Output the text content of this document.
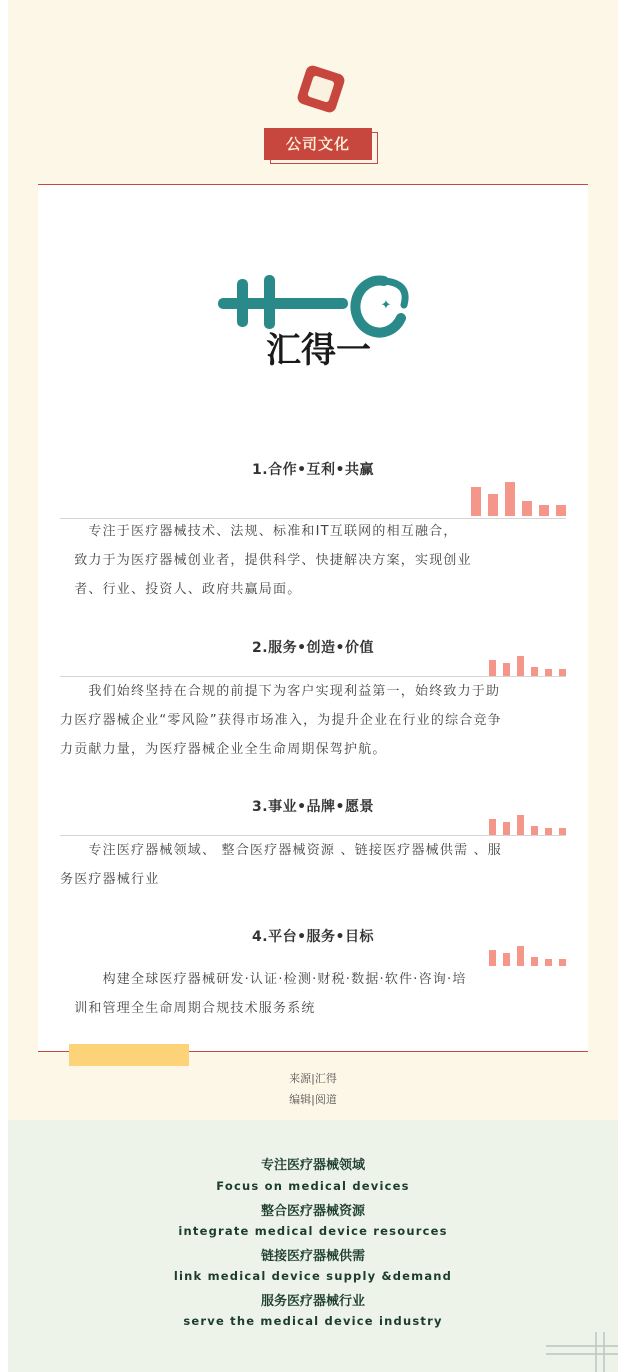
公司文化
✦
汇得一
1.合作•互利•共赢
　　专注于医疗器械技术、法规、标准和IT互联网的相互融合，
　致力于为医疗器械创业者，提供科学、快捷解决方案，实现创业
　者、行业、投资人、政府共赢局面。
2.服务•创造•价值
　　我们始终坚持在合规的前提下为客户实现利益第一，始终致力于助
力医疗器械企业“零风险”获得市场准入，为提升企业在行业的综合竞争
力贡献力量，为医疗器械企业全生命周期保驾护航。
3.事业•品牌•愿景
　　专注医疗器械领域、 整合医疗器械资源 、链接医疗器械供需 、服
务医疗器械行业
4.平台•服务•目标
　　　构建全球医疗器械研发·认证·检测·财税·数据·软件·咨询·培
　训和管理全生命周期合规技术服务系统
来源|汇得
编辑|阅道
专注医疗器械领域
Focus on medical devices
整合医疗器械资源
integrate medical device resources
链接医疗器械供需
link medical device supply &demand
服务医疗器械行业
serve the medical device industry
